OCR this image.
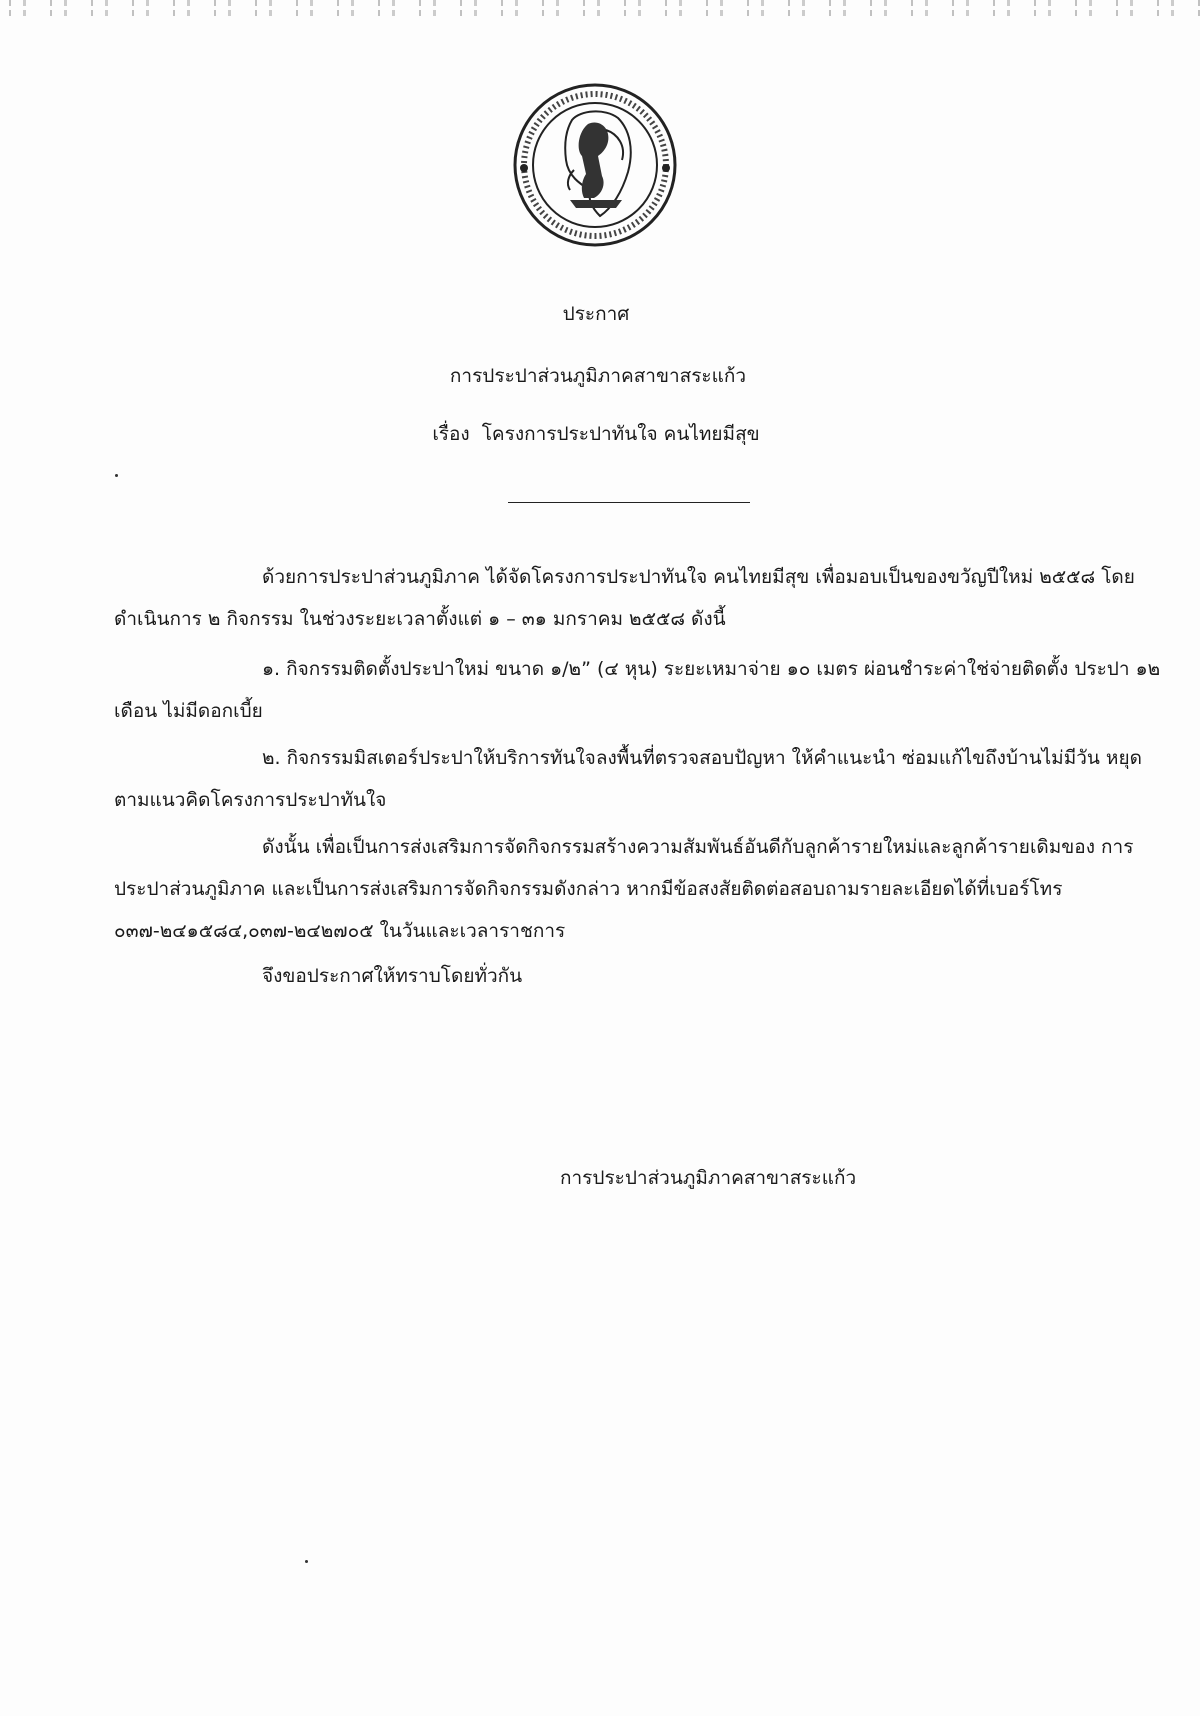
ประกาศ
การประปาส่วนภูมิภาคสาขาสระแก้ว
เรื่อง โครงการประปาทันใจ คนไทยมีสุข
ด้วยการประปาส่วนภูมิภาค ได้จัดโครงการประปาทันใจ คนไทยมีสุข เพื่อมอบเป็นของขวัญปีใหม่ ๒๕๕๘ โดยดำเนินการ ๒ กิจกรรม ในช่วงระยะเวลาตั้งแต่ ๑ – ๓๑ มกราคม ๒๕๕๘ ดังนี้
๑. กิจกรรมติดตั้งประปาใหม่ ขนาด ๑/๒” (๔ หุน) ระยะเหมาจ่าย ๑๐ เมตร ผ่อนชำระค่าใช่จ่ายติดตั้ง ประปา ๑๒ เดือน ไม่มีดอกเบี้ย
๒. กิจกรรมมิสเตอร์ประปาให้บริการทันใจลงพื้นที่ตรวจสอบปัญหา ให้คำแนะนำ ซ่อมแก้ไขถึงบ้านไม่มีวัน หยุด ตามแนวคิดโครงการประปาทันใจ
ดังนั้น เพื่อเป็นการส่งเสริมการจัดกิจกรรมสร้างความสัมพันธ์อันดีกับลูกค้ารายใหม่และลูกค้ารายเดิมของ การประปาส่วนภูมิภาค และเป็นการส่งเสริมการจัดกิจกรรมดังกล่าว หากมีข้อสงสัยติดต่อสอบถามรายละเอียดได้ที่เบอร์โทร ๐๓๗-๒๔๑๕๘๔,๐๓๗-๒๔๒๗๐๕ ในวันและเวลาราชการ
จึงขอประกาศให้ทราบโดยทั่วกัน
การประปาส่วนภูมิภาคสาขาสระแก้ว
